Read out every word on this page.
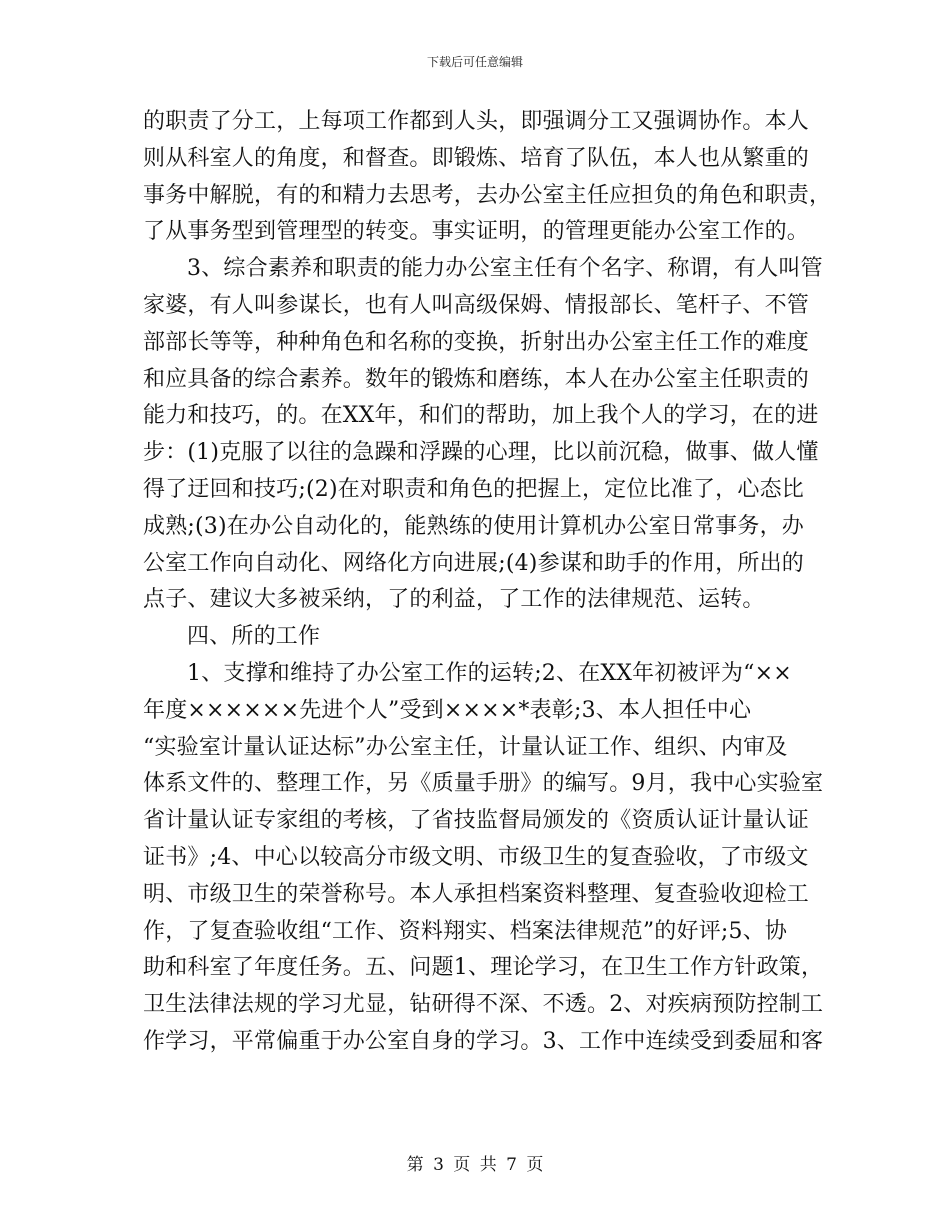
下载后可任意编辑
的职责了分工，上每项工作都到人头，即强调分工又强调协作。本人
则从科室人的角度，和督查。即锻炼、培育了队伍，本人也从繁重的
事务中解脱，有的和精力去思考，去办公室主任应担负的角色和职责，
了从事务型到管理型的转变。事实证明，的管理更能办公室工作的。
3、综合素养和职责的能力办公室主任有个名字、称谓，有人叫管
家婆，有人叫参谋长，也有人叫高级保姆、情报部长、笔杆子、不管
部部长等等，种种角色和名称的变换，折射出办公室主任工作的难度
和应具备的综合素养。数年的锻炼和磨练，本人在办公室主任职责的
能力和技巧，的。在XX年，和们的帮助，加上我个人的学习，在的进
步：(1)克服了以往的急躁和浮躁的心理，比以前沉稳，做事、做人懂
得了迂回和技巧;(2)在对职责和角色的把握上，定位比准了，心态比
成熟;(3)在办公自动化的，能熟练的使用计算机办公室日常事务，办
公室工作向自动化、网络化方向进展;(4)参谋和助手的作用，所出的
点子、建议大多被采纳，了的利益，了工作的法律规范、运转。
四、所的工作
1、支撑和维持了办公室工作的运转;2、在XX年初被评为“××
年度××××××先进个人”受到××××*表彰;3、本人担任中心
“实验室计量认证达标”办公室主任，计量认证工作、组织、内审及
体系文件的、整理工作，另《质量手册》的编写。9月，我中心实验室
省计量认证专家组的考核，了省技监督局颁发的《资质认证计量认证
证书》;4、中心以较高分市级文明、市级卫生的复查验收，了市级文
明、市级卫生的荣誉称号。本人承担档案资料整理、复查验收迎检工
作，了复查验收组“工作、资料翔实、档案法律规范”的好评;5、协
助和科室了年度任务。五、问题1、理论学习，在卫生工作方针政策，
卫生法律法规的学习尤显，钻研得不深、不透。2、对疾病预防控制工
作学习，平常偏重于办公室自身的学习。3、工作中连续受到委屈和客
第 3 页 共 7 页
